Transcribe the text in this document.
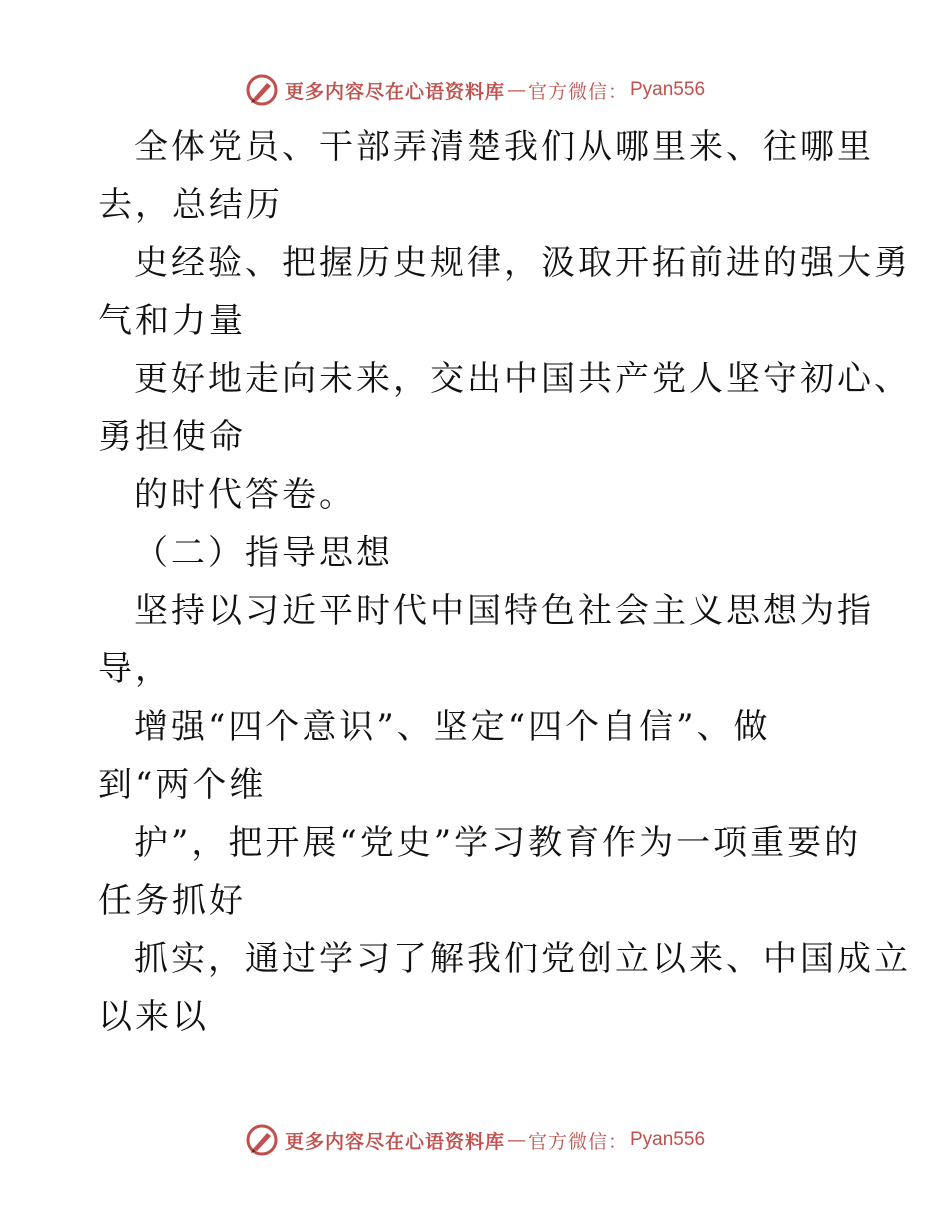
更多内容尽在心语资料库 — 官方微信： Pyan556
全体党员、干部弄清楚我们从哪里来、往哪里
去，总结历
史经验、把握历史规律，汲取开拓前进的强大勇
气和力量
更好地走向未来，交出中国共产党人坚守初心、
勇担使命
的时代答卷。
（二）指导思想
坚持以习近平时代中国特色社会主义思想为指
导，
增强“四个意识”、坚定“四个自信”、做
到“两个维
护”，把开展“党史”学习教育作为一项重要的
任务抓好
抓实，通过学习了解我们党创立以来、中国成立
以来以
更多内容尽在心语资料库 — 官方微信： Pyan556
